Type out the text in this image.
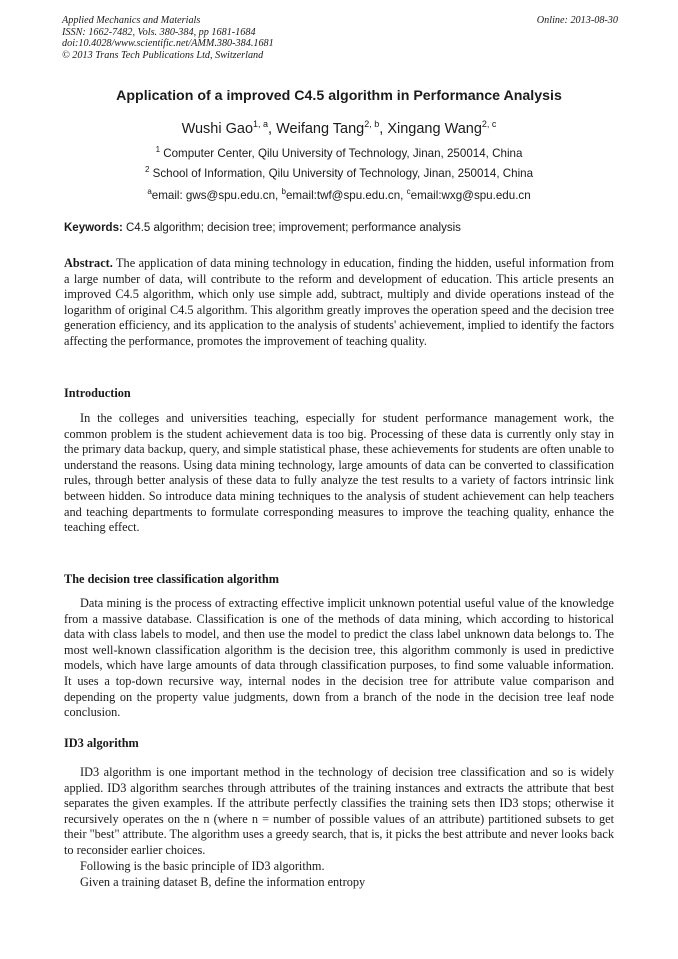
Applied Mechanics and Materials
ISSN: 1662-7482, Vols. 380-384, pp 1681-1684
doi:10.4028/www.scientific.net/AMM.380-384.1681
© 2013 Trans Tech Publications Ltd, Switzerland
Online: 2013-08-30
Application of a improved C4.5 algorithm in Performance Analysis
Wushi Gao$^{1, a}$, Weifang Tang$^{2, b}$, Xingang Wang$^{2, c}$
$^1$ Computer Center, Qilu University of Technology, Jinan, 250014, China
$^2$ School of Information, Qilu University of Technology, Jinan, 250014, China
$^a$email: gws@spu.edu.cn, $^b$email:twf@spu.edu.cn, $^c$email:wxg@spu.edu.cn
Keywords: C4.5 algorithm; decision tree; improvement; performance analysis
Abstract. The application of data mining technology in education, finding the hidden, useful information from a large number of data, will contribute to the reform and development of education. This article presents an improved C4.5 algorithm, which only use simple add, subtract, multiply and divide operations instead of the logarithm of original C4.5 algorithm. This algorithm greatly improves the operation speed and the decision tree generation efficiency, and its application to the analysis of students' achievement, implied to identify the factors affecting the performance, promotes the improvement of teaching quality.
Introduction
In the colleges and universities teaching, especially for student performance management work, the common problem is the student achievement data is too big. Processing of these data is currently only stay in the primary data backup, query, and simple statistical phase, these achievements for students are often unable to understand the reasons. Using data mining technology, large amounts of data can be converted to classification rules, through better analysis of these data to fully analyze the test results to a variety of factors intrinsic link between hidden. So introduce data mining techniques to the analysis of student achievement can help teachers and teaching departments to formulate corresponding measures to improve the teaching quality, enhance the teaching effect.
The decision tree classification algorithm
Data mining is the process of extracting effective implicit unknown potential useful value of the knowledge from a massive database. Classification is one of the methods of data mining, which according to historical data with class labels to model, and then use the model to predict the class label unknown data belongs to. The most well-known classification algorithm is the decision tree, this algorithm commonly is used in predictive models, which have large amounts of data through classification purposes, to find some valuable information. It uses a top-down recursive way, internal nodes in the decision tree for attribute value comparison and depending on the property value judgments, down from a branch of the node in the decision tree leaf node conclusion.
ID3 algorithm
ID3 algorithm is one important method in the technology of decision tree classification and so is widely applied. ID3 algorithm searches through attributes of the training instances and extracts the attribute that best separates the given examples. If the attribute perfectly classifies the training sets then ID3 stops; otherwise it recursively operates on the n (where n = number of possible values of an attribute) partitioned subsets to get their "best" attribute. The algorithm uses a greedy search, that is, it picks the best attribute and never looks back to reconsider earlier choices.
Following is the basic principle of ID3 algorithm.
Given a training dataset B, define the information entropy
